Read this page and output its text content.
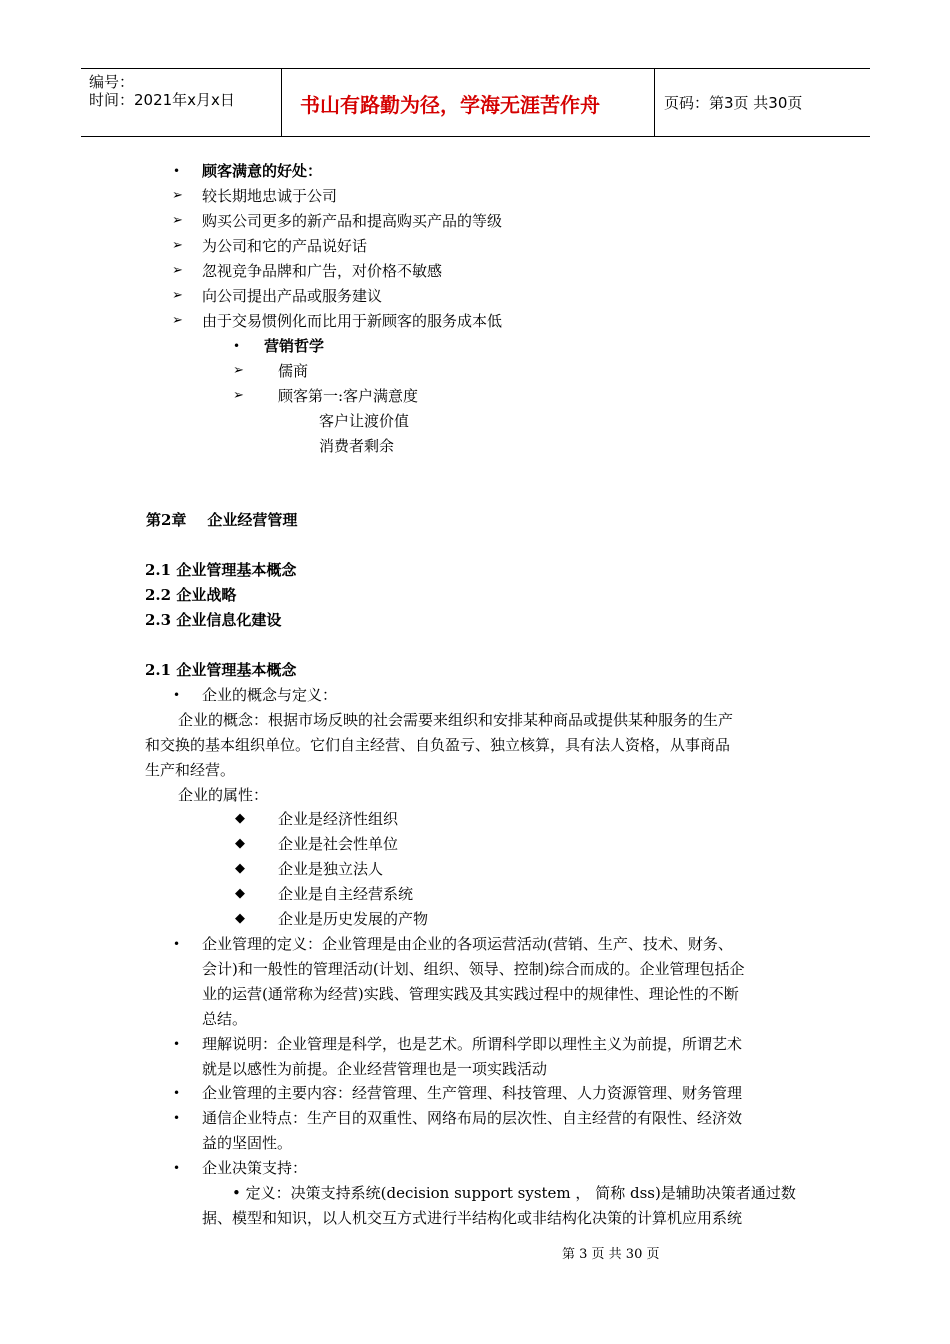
编号：
时间：2021年x月x日	书山有路勤为径，学海无涯苦作舟	页码：第3页 共30页
• 顾客满意的好处：
➢ 较长期地忠诚于公司
➢ 购买公司更多的新产品和提高购买产品的等级
➢ 为公司和它的产品说好话
➢ 忽视竞争品牌和广告，对价格不敏感
➢ 向公司提出产品或服务建议
➢ 由于交易惯例化而比用于新顾客的服务成本低
• 营销哲学
➢ 儒商
➢ 顾客第一:客户满意度
客户让渡价值
消费者剩余
第2章    企业经营管理
2.1 企业管理基本概念
2.2 企业战略
2.3 企业信息化建设
2.1 企业管理基本概念
• 企业的概念与定义：
企业的概念：根据市场反映的社会需要来组织和安排某种商品或提供某种服务的生产
和交换的基本组织单位。它们自主经营、自负盈亏、独立核算，具有法人资格，从事商品
生产和经营。
企业的属性：
◆ 企业是经济性组织
◆ 企业是社会性单位
◆ 企业是独立法人
◆ 企业是自主经营系统
◆ 企业是历史发展的产物
• 企业管理的定义：企业管理是由企业的各项运营活动(营销、生产、技术、财务、
会计)和一般性的管理活动(计划、组织、领导、控制)综合而成的。企业管理包括企
业的运营(通常称为经营)实践、管理实践及其实践过程中的规律性、理论性的不断
总结。
• 理解说明：企业管理是科学，也是艺术。所谓科学即以理性主义为前提，所谓艺术
就是以感性为前提。企业经营管理也是一项实践活动
• 企业管理的主要内容：经营管理、生产管理、科技管理、人力资源管理、财务管理
• 通信企业特点：生产目的双重性、网络布局的层次性、自主经营的有限性、经济效
益的坚固性。
• 企业决策支持：
• 定义：决策支持系统(decision support system ， 简称 dss)是辅助决策者通过数
据、模型和知识，以人机交互方式进行半结构化或非结构化决策的计算机应用系统
第 3 页 共 30 页
